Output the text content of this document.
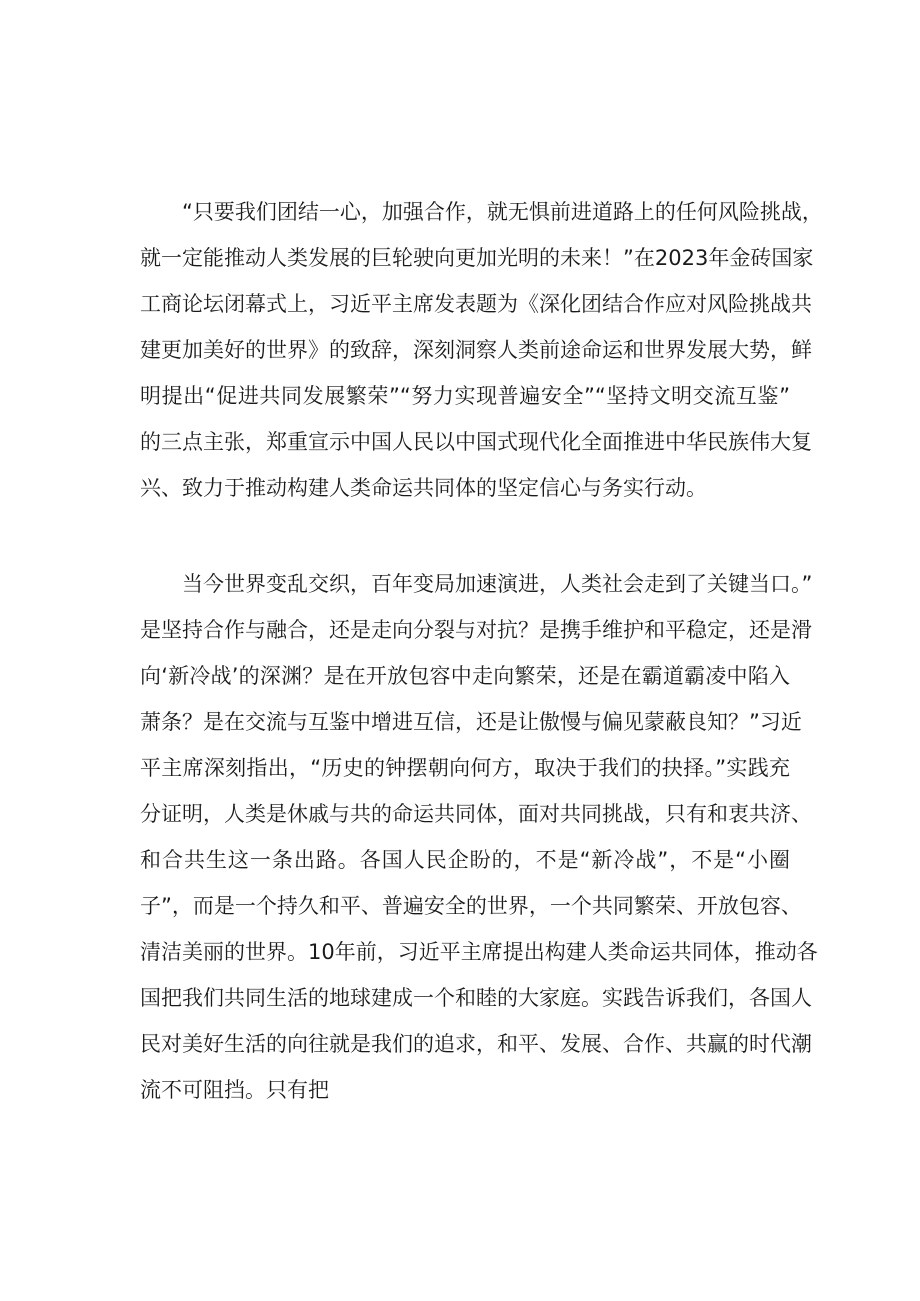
“只要我们团结一心，加强合作，就无惧前进道路上的任何风险挑战，
就一定能推动人类发展的巨轮驶向更加光明的未来！”在2023年金砖国家
工商论坛闭幕式上，习近平主席发表题为《深化团结合作应对风险挑战共
建更加美好的世界》的致辞，深刻洞察人类前途命运和世界发展大势，鲜
明提出“促进共同发展繁荣”“努力实现普遍安全”“坚持文明交流互鉴”
的三点主张，郑重宣示中国人民以中国式现代化全面推进中华民族伟大复
兴、致力于推动构建人类命运共同体的坚定信心与务实行动。
当今世界变乱交织，百年变局加速演进，人类社会走到了关键当口。”
是坚持合作与融合，还是走向分裂与对抗？是携手维护和平稳定，还是滑
向‘新冷战’的深渊？是在开放包容中走向繁荣，还是在霸道霸凌中陷入
萧条？是在交流与互鉴中增进互信，还是让傲慢与偏见蒙蔽良知？”习近
平主席深刻指出，“历史的钟摆朝向何方，取决于我们的抉择。”实践充
分证明，人类是休戚与共的命运共同体，面对共同挑战，只有和衷共济、
和合共生这一条出路。各国人民企盼的，不是“新冷战”，不是“小圈
子”，而是一个持久和平、普遍安全的世界，一个共同繁荣、开放包容、
清洁美丽的世界。10年前，习近平主席提出构建人类命运共同体，推动各
国把我们共同生活的地球建成一个和睦的大家庭。实践告诉我们，各国人
民对美好生活的向往就是我们的追求，和平、发展、合作、共赢的时代潮
流不可阻挡。只有把
